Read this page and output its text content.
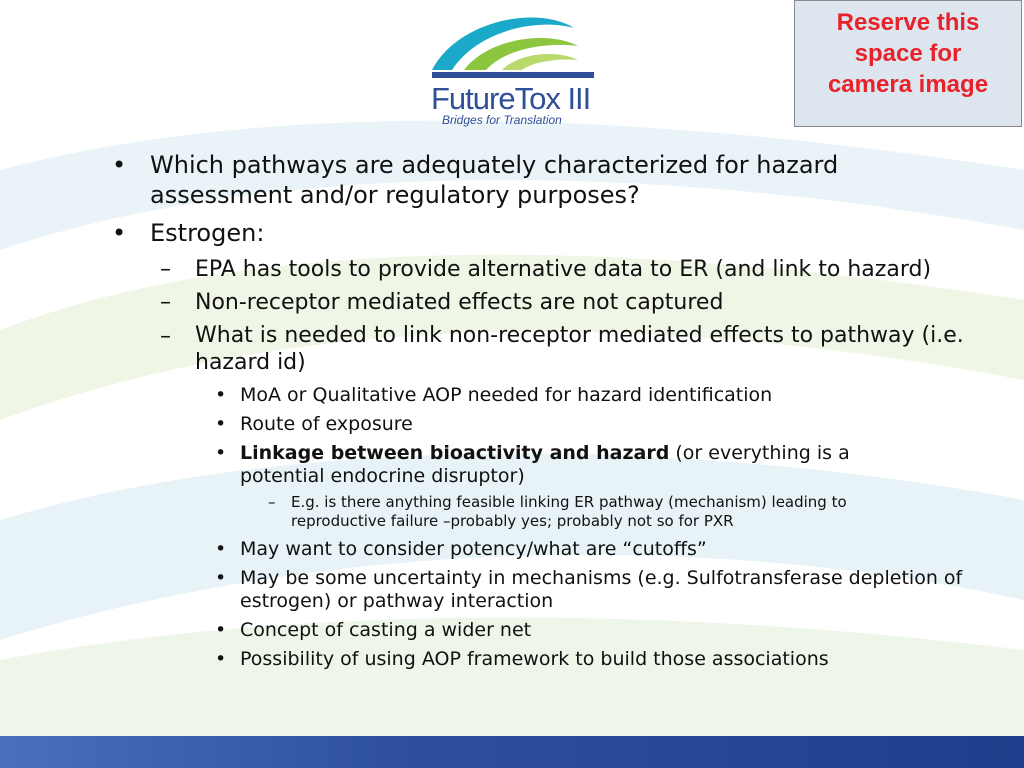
Reserve this
space for
camera image
FutureTox III
Bridges for Translation
• Which pathways are adequately characterized for hazard assessment and/or regulatory purposes?
• Estrogen:
– EPA has tools to provide alternative data to ER (and link to hazard)
– Non-receptor mediated effects are not captured
– What is needed to link non-receptor mediated effects to pathway (i.e. hazard id)
• MoA or Qualitative AOP needed for hazard identification
• Route of exposure
• Linkage between bioactivity and hazard (or everything is a potential endocrine disruptor)
– E.g. is there anything feasible linking ER pathway (mechanism) leading to reproductive failure –probably yes; probably not so for PXR
• May want to consider potency/what are “cutoffs”
• May be some uncertainty in mechanisms (e.g. Sulfotransferase depletion of estrogen) or pathway interaction
• Concept of casting a wider net
• Possibility of using AOP framework to build those associations
